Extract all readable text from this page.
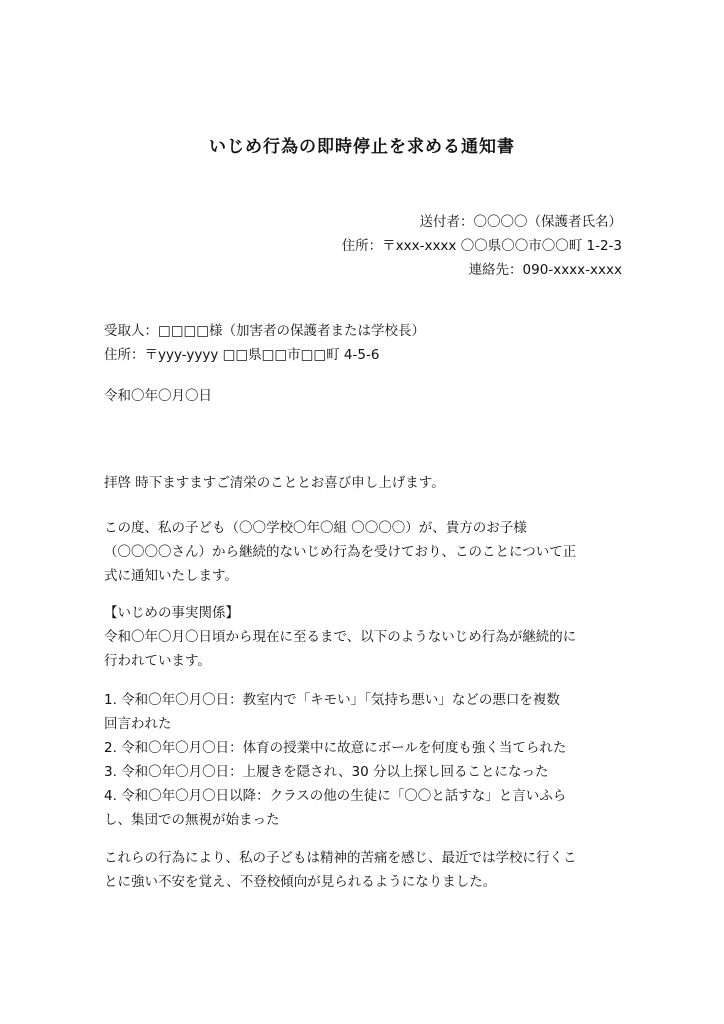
いじめ行為の即時停止を求める通知書
送付者：〇〇〇〇（保護者氏名）
住所：〒xxx-xxxx 〇〇県〇〇市〇〇町 1-2-3
連絡先：090-xxxx-xxxx
受取人：□□□□様（加害者の保護者または学校長）
住所：〒yyy-yyyy □□県□□市□□町 4-5-6
令和〇年〇月〇日
拝啓 時下ますますご清栄のこととお喜び申し上げます。
この度、私の子ども（〇〇学校〇年〇組 〇〇〇〇）が、貴方のお子様
（〇〇〇〇さん）から継続的ないじめ行為を受けており、このことについて正
式に通知いたします。
【いじめの事実関係】
令和〇年〇月〇日頃から現在に至るまで、以下のようないじめ行為が継続的に
行われています。
1. 令和〇年〇月〇日：教室内で「キモい」「気持ち悪い」などの悪口を複数
回言われた
2. 令和〇年〇月〇日：体育の授業中に故意にボールを何度も強く当てられた
3. 令和〇年〇月〇日：上履きを隠され、30 分以上探し回ることになった
4. 令和〇年〇月〇日以降：クラスの他の生徒に「〇〇と話すな」と言いふら
し、集団での無視が始まった
これらの行為により、私の子どもは精神的苦痛を感じ、最近では学校に行くこ
とに強い不安を覚え、不登校傾向が見られるようになりました。
